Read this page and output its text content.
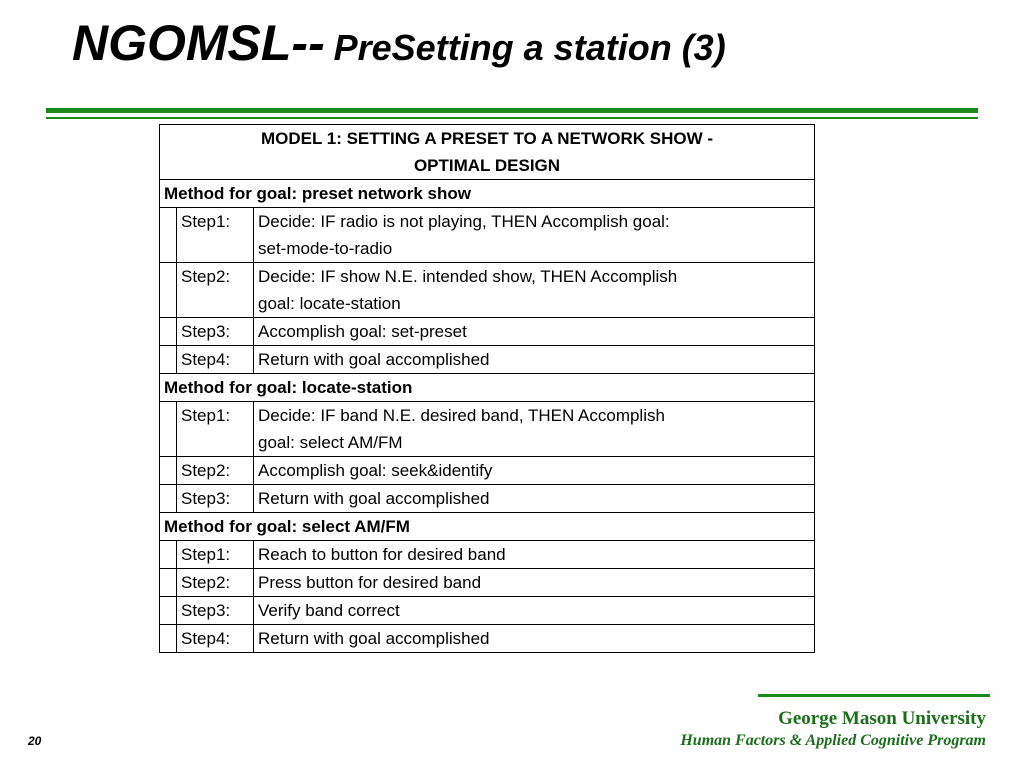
NGOMSL-- PreSetting a station (3)
MODEL 1: SETTING A PRESET TO A NETWORK SHOW -
OPTIMAL DESIGN		

Method for goal: preset network show		
	Step1:	Decide: IF radio is not playing, THEN Accomplish goal:
set-mode-to-radio

	Step2:	Decide: IF show N.E. intended show, THEN Accomplish
goal: locate-station

	Step3:	Accomplish goal: set-preset
	Step4:	Return with goal accomplished
Method for goal: locate-station		
	Step1:	Decide: IF band N.E. desired band, THEN Accomplish
goal: select AM/FM

	Step2:	Accomplish goal: seek&identify
	Step3:	Return with goal accomplished
Method for goal: select AM/FM		
	Step1:	Reach to button for desired band
	Step2:	Press button for desired band
	Step3:	Verify band correct
	Step4:	Return with goal accomplished
George Mason University
Human Factors & Applied Cognitive Program
20
